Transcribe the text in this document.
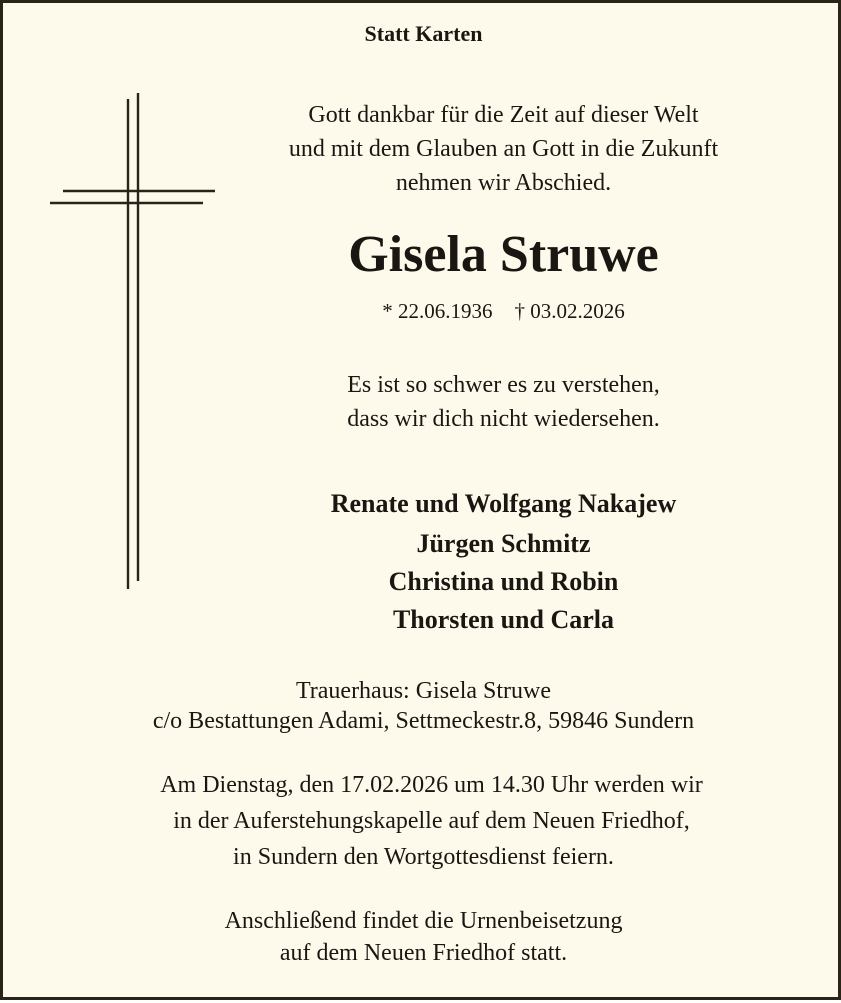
Statt Karten
Gott dankbar für die Zeit auf dieser Welt
und mit dem Glauben an Gott in die Zukunft
nehmen wir Abschied.
Gisela Struwe
* 22.06.1936 † 03.02.2026
Es ist so schwer es zu verstehen,
dass wir dich nicht wiedersehen.
Renate und Wolfgang Nakajew
Jürgen Schmitz
Christina und Robin
Thorsten und Carla
Trauerhaus: Gisela Struwe
c/o Bestattungen Adami, Settmeckestr.8, 59846 Sundern
Am Dienstag, den 17.02.2026 um 14.30 Uhr werden wir
in der Auferstehungskapelle auf dem Neuen Friedhof,
in Sundern den Wortgottesdienst feiern.
Anschließend findet die Urnenbeisetzung
auf dem Neuen Friedhof statt.
